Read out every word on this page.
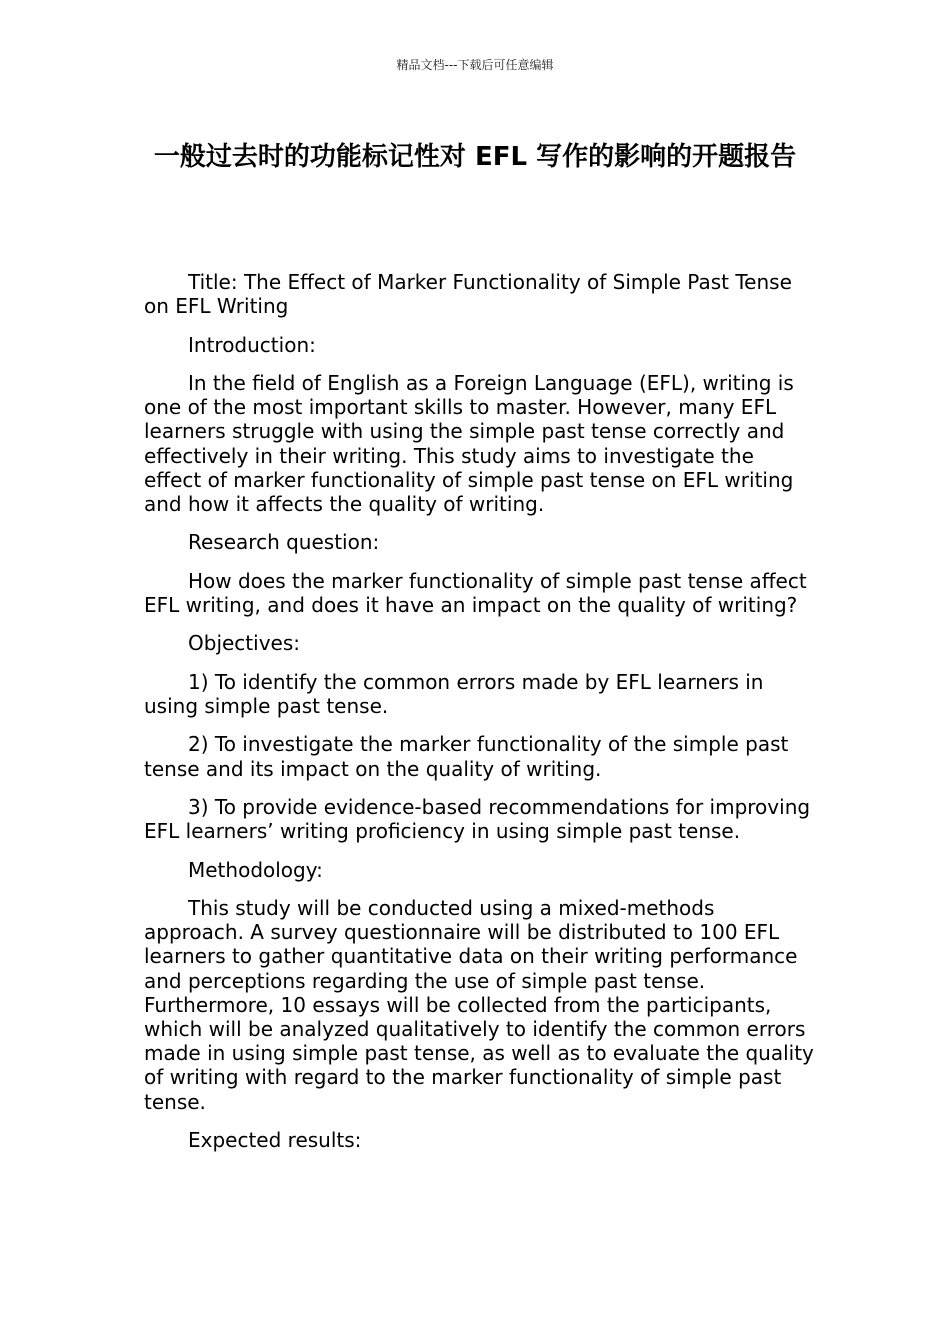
精品文档---下载后可任意编辑
一般过去时的功能标记性对 EFL 写作的影响的开题报告

Title: The Effect of Marker Functionality of Simple Past Tense on EFL Writing

Introduction:

In the field of English as a Foreign Language (EFL), writing is one of the most important skills to master. However, many EFL learners struggle with using the simple past tense correctly and effectively in their writing. This study aims to investigate the effect of marker functionality of simple past tense on EFL writing and how it affects the quality of writing.

Research question:

How does the marker functionality of simple past tense affect EFL writing, and does it have an impact on the quality of writing?

Objectives:

1) To identify the common errors made by EFL learners in using simple past tense.

2) To investigate the marker functionality of the simple past tense and its impact on the quality of writing.

3) To provide evidence-based recommendations for improving EFL learners’ writing proficiency in using simple past tense.

Methodology:

This study will be conducted using a mixed-methods approach. A survey questionnaire will be distributed to 100 EFL learners to gather quantitative data on their writing performance and perceptions regarding the use of simple past tense. Furthermore, 10 essays will be collected from the participants, which will be analyzed qualitatively to identify the common errors made in using simple past tense, as well as to evaluate the quality of writing with regard to the marker functionality of simple past tense.

Expected results:
